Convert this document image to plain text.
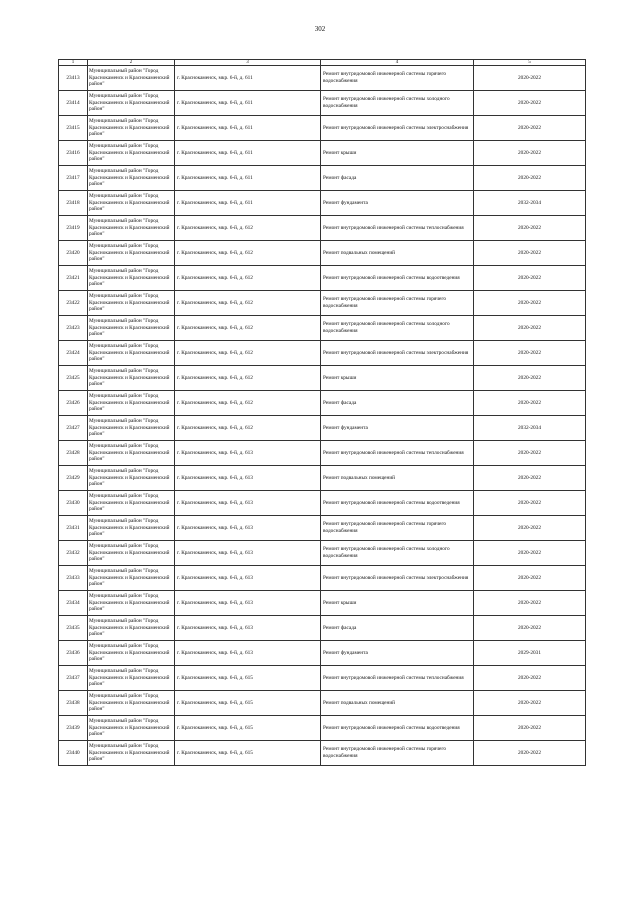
302
1	2	3	4	5
23413	Муниципальный район "Город Краснокаменск и Краснокаменский район"	г. Краснокаменск, мкр. 6-й, д. 611	Ремонт внутридомовой инженерной системы горячего водоснабжения	2020-2022
23414	Муниципальный район "Город Краснокаменск и Краснокаменский район"	г. Краснокаменск, мкр. 6-й, д. 611	Ремонт внутридомовой инженерной системы холодного водоснабжения	2020-2022
23415	Муниципальный район "Город Краснокаменск и Краснокаменский район"	г. Краснокаменск, мкр. 6-й, д. 611	Ремонт внутридомовой инженерной системы электроснабжения	2020-2022
23416	Муниципальный район "Город Краснокаменск и Краснокаменский район"	г. Краснокаменск, мкр. 6-й, д. 611	Ремонт крыши	2020-2022
23417	Муниципальный район "Город Краснокаменск и Краснокаменский район"	г. Краснокаменск, мкр. 6-й, д. 611	Ремонт фасада	2020-2022
23418	Муниципальный район "Город Краснокаменск и Краснокаменский район"	г. Краснокаменск, мкр. 6-й, д. 611	Ремонт фундамента	2032-2034
23419	Муниципальный район "Город Краснокаменск и Краснокаменский район"	г. Краснокаменск, мкр. 6-й, д. 612	Ремонт внутридомовой инженерной системы теплоснабжения	2020-2022
23420	Муниципальный район "Город Краснокаменск и Краснокаменский район"	г. Краснокаменск, мкр. 6-й, д. 612	Ремонт подвальных помещений	2020-2022
23421	Муниципальный район "Город Краснокаменск и Краснокаменский район"	г. Краснокаменск, мкр. 6-й, д. 612	Ремонт внутридомовой инженерной системы водоотведения	2020-2022
23422	Муниципальный район "Город Краснокаменск и Краснокаменский район"	г. Краснокаменск, мкр. 6-й, д. 612	Ремонт внутридомовой инженерной системы горячего водоснабжения	2020-2022
23423	Муниципальный район "Город Краснокаменск и Краснокаменский район"	г. Краснокаменск, мкр. 6-й, д. 612	Ремонт внутридомовой инженерной системы холодного водоснабжения	2020-2022
23424	Муниципальный район "Город Краснокаменск и Краснокаменский район"	г. Краснокаменск, мкр. 6-й, д. 612	Ремонт внутридомовой инженерной системы электроснабжения	2020-2022
23425	Муниципальный район "Город Краснокаменск и Краснокаменский район"	г. Краснокаменск, мкр. 6-й, д. 612	Ремонт крыши	2020-2022
23426	Муниципальный район "Город Краснокаменск и Краснокаменский район"	г. Краснокаменск, мкр. 6-й, д. 612	Ремонт фасада	2020-2022
23427	Муниципальный район "Город Краснокаменск и Краснокаменский район"	г. Краснокаменск, мкр. 6-й, д. 612	Ремонт фундамента	2032-2034
23428	Муниципальный район "Город Краснокаменск и Краснокаменский район"	г. Краснокаменск, мкр. 6-й, д. 613	Ремонт внутридомовой инженерной системы теплоснабжения	2020-2022
23429	Муниципальный район "Город Краснокаменск и Краснокаменский район"	г. Краснокаменск, мкр. 6-й, д. 613	Ремонт подвальных помещений	2020-2022
23430	Муниципальный район "Город Краснокаменск и Краснокаменский район"	г. Краснокаменск, мкр. 6-й, д. 613	Ремонт внутридомовой инженерной системы водоотведения	2020-2022
23431	Муниципальный район "Город Краснокаменск и Краснокаменский район"	г. Краснокаменск, мкр. 6-й, д. 613	Ремонт внутридомовой инженерной системы горячего водоснабжения	2020-2022
23432	Муниципальный район "Город Краснокаменск и Краснокаменский район"	г. Краснокаменск, мкр. 6-й, д. 613	Ремонт внутридомовой инженерной системы холодного водоснабжения	2020-2022
23433	Муниципальный район "Город Краснокаменск и Краснокаменский район"	г. Краснокаменск, мкр. 6-й, д. 613	Ремонт внутридомовой инженерной системы электроснабжения	2020-2022
23434	Муниципальный район "Город Краснокаменск и Краснокаменский район"	г. Краснокаменск, мкр. 6-й, д. 613	Ремонт крыши	2020-2022
23435	Муниципальный район "Город Краснокаменск и Краснокаменский район"	г. Краснокаменск, мкр. 6-й, д. 613	Ремонт фасада	2020-2022
23436	Муниципальный район "Город Краснокаменск и Краснокаменский район"	г. Краснокаменск, мкр. 6-й, д. 613	Ремонт фундамента	2029-2031
23437	Муниципальный район "Город Краснокаменск и Краснокаменский район"	г. Краснокаменск, мкр. 6-й, д. 615	Ремонт внутридомовой инженерной системы теплоснабжения	2020-2022
23438	Муниципальный район "Город Краснокаменск и Краснокаменский район"	г. Краснокаменск, мкр. 6-й, д. 615	Ремонт подвальных помещений	2020-2022
23439	Муниципальный район "Город Краснокаменск и Краснокаменский район"	г. Краснокаменск, мкр. 6-й, д. 615	Ремонт внутридомовой инженерной системы водоотведения	2020-2022
23440	Муниципальный район "Город Краснокаменск и Краснокаменский район"	г. Краснокаменск, мкр. 6-й, д. 615	Ремонт внутридомовой инженерной системы горячего водоснабжения	2020-2022
